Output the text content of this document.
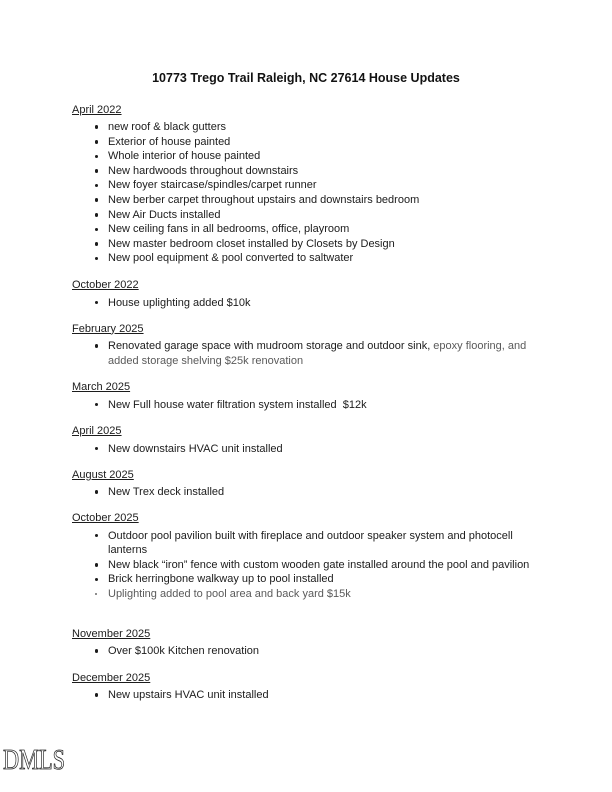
10773 Trego Trail Raleigh, NC 27614 House Updates
April 2022
new roof & black gutters
Exterior of house painted
Whole interior of house painted
New hardwoods throughout downstairs
New foyer staircase/spindles/carpet runner
New berber carpet throughout upstairs and downstairs bedroom
New Air Ducts installed
New ceiling fans in all bedrooms, office, playroom
New master bedroom closet installed by Closets by Design
New pool equipment & pool converted to saltwater
October 2022
House uplighting added $10k
February 2025
Renovated garage space with mudroom storage and outdoor sink, epoxy flooring, and added storage shelving $25k renovation
March 2025
New Full house water filtration system installed  $12k
April 2025
New downstairs HVAC unit installed
August 2025
New Trex deck installed
October 2025
Outdoor pool pavilion built with fireplace and outdoor speaker system and photocell lanterns
New black “iron” fence with custom wooden gate installed around the pool and pavilion
Brick herringbone walkway up to pool installed
Uplighting added to pool area and back yard $15k
November 2025
Over $100k Kitchen renovation
December 2025
New upstairs HVAC unit installed
DMLS
